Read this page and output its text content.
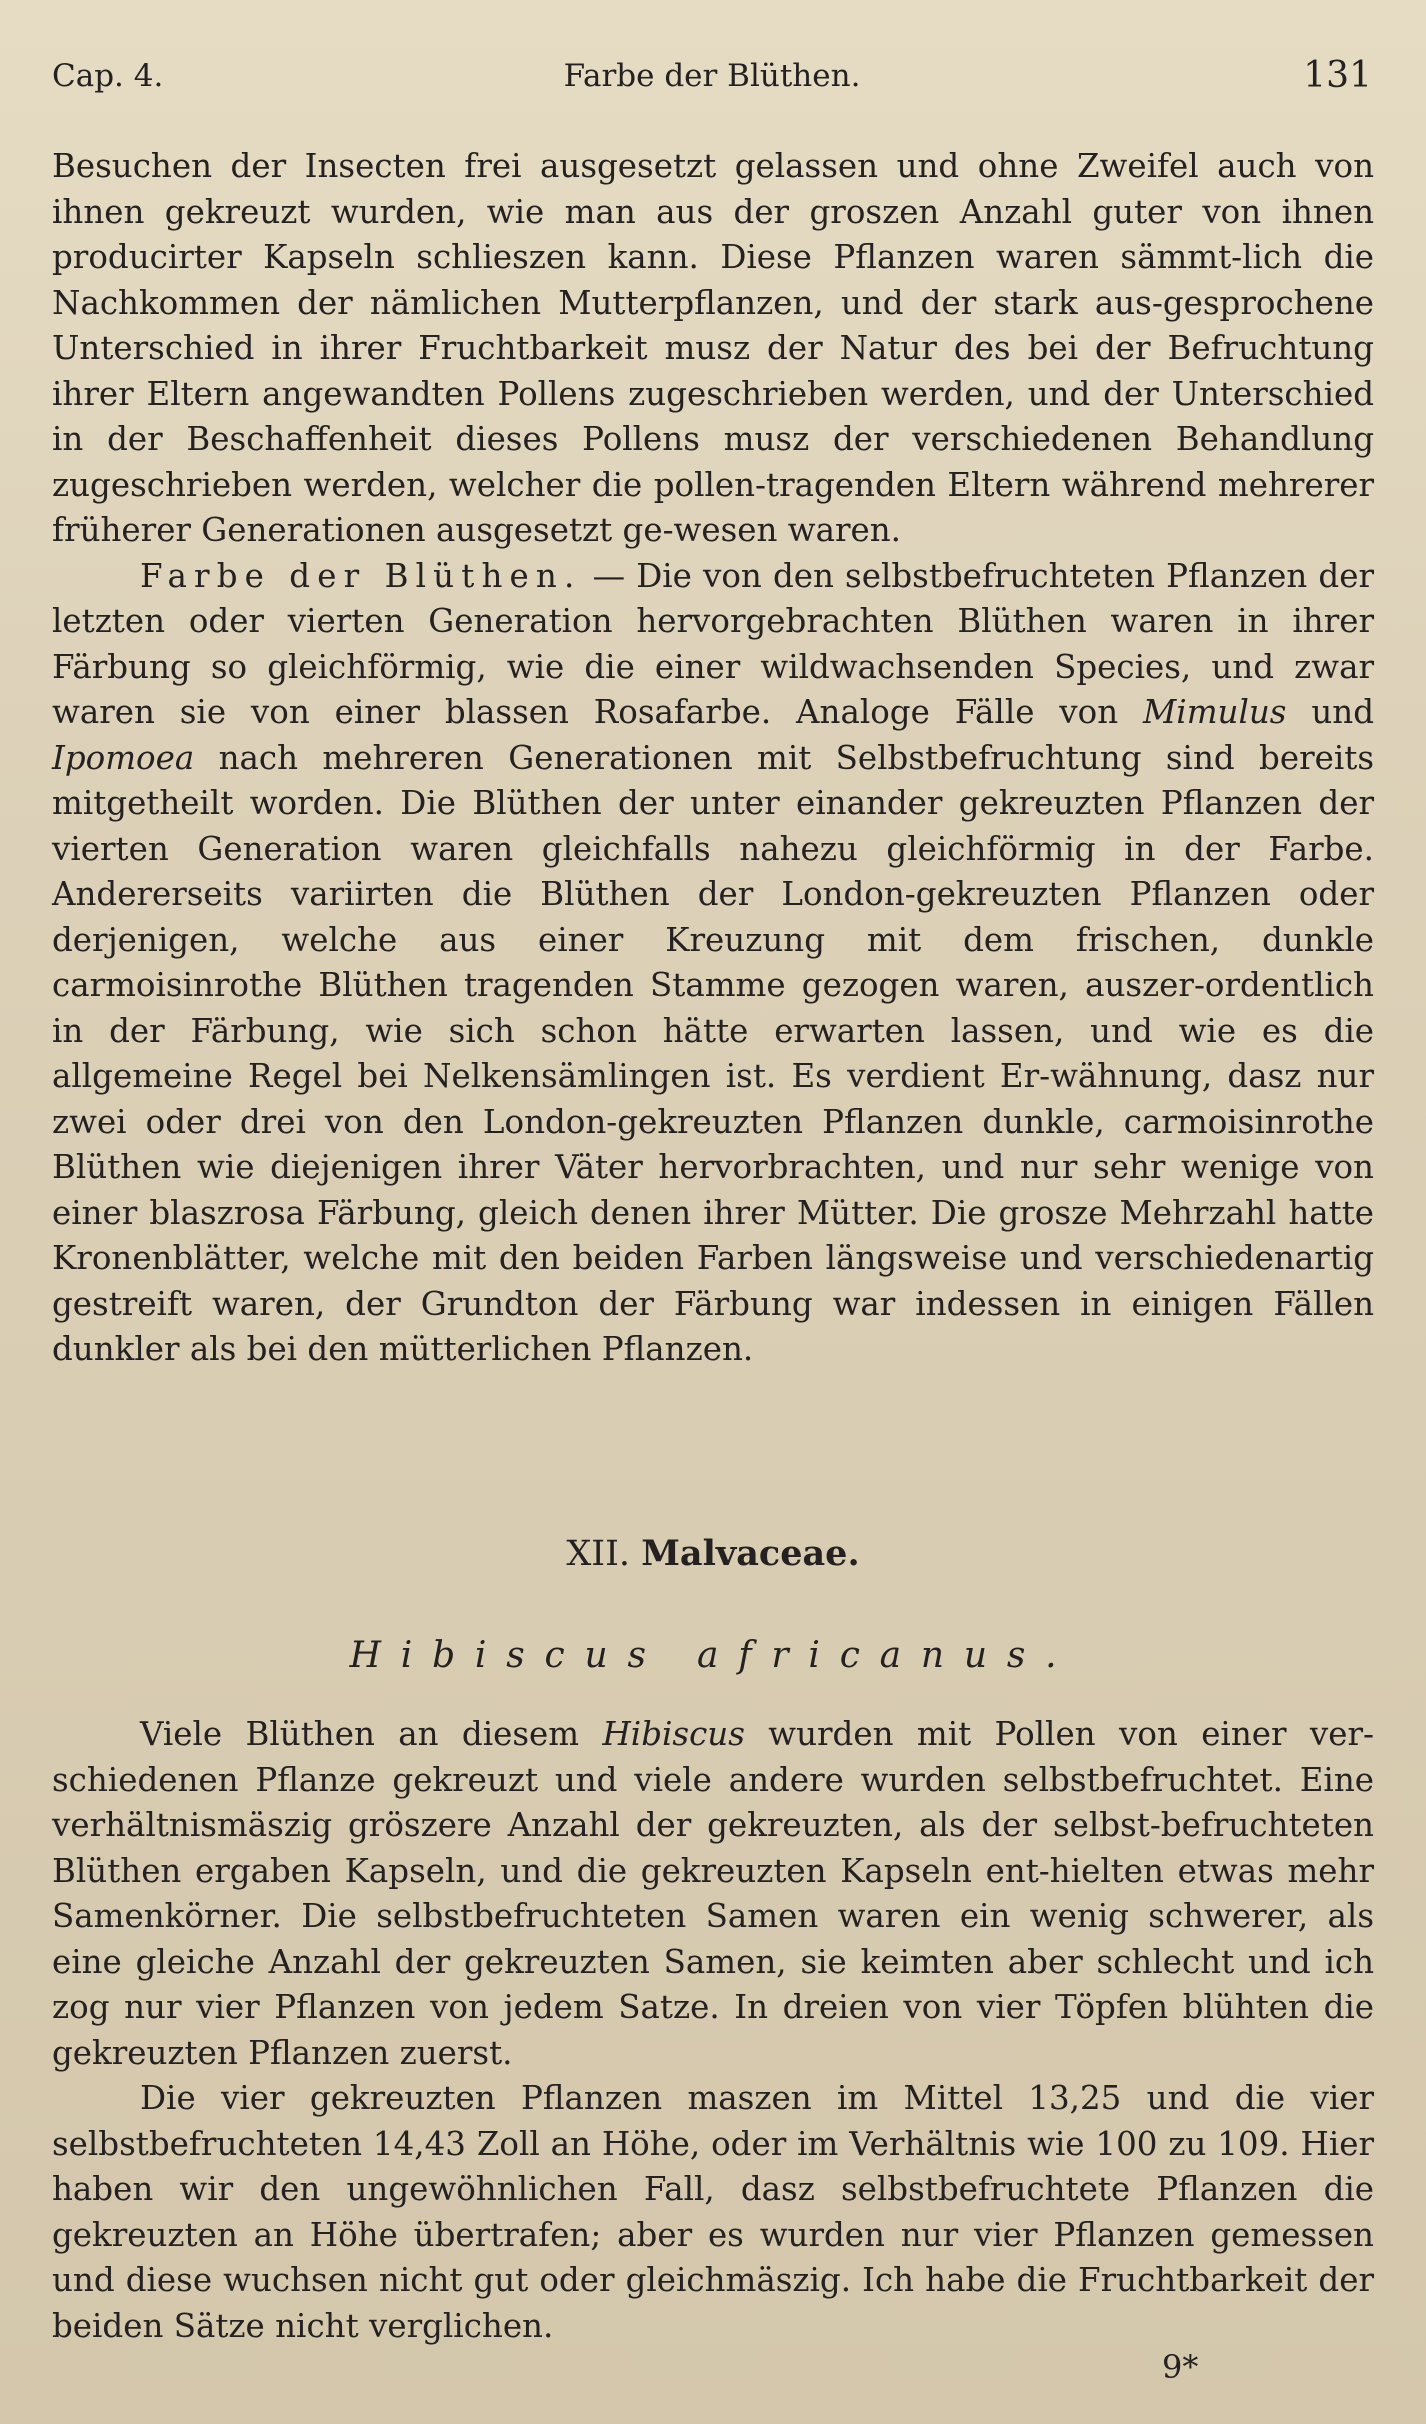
Cap. 4.	Farbe der Blüthen.	131

Besuchen der Insecten frei ausgesetzt gelassen und ohne Zweifel auch von ihnen gekreuzt wurden, wie man aus der groszen Anzahl guter von ihnen producirter Kapseln schlieszen kann. Diese Pflanzen waren sämmt-lich die Nachkommen der nämlichen Mutterpflanzen, und der stark aus-gesprochene Unterschied in ihrer Fruchtbarkeit musz der Natur des bei der Befruchtung ihrer Eltern angewandten Pollens zugeschrieben werden, und der Unterschied in der Beschaffenheit dieses Pollens musz der verschiedenen Behandlung zugeschrieben werden, welcher die pollen-tragenden Eltern während mehrerer früherer Generationen ausgesetzt ge-wesen waren.

Farbe der Blüthen. — Die von den selbstbefruchteten Pflanzen der letzten oder vierten Generation hervorgebrachten Blüthen waren in ihrer Färbung so gleichförmig, wie die einer wildwachsenden Species, und zwar waren sie von einer blassen Rosafarbe. Analoge Fälle von Mimulus und Ipomoea nach mehreren Generationen mit Selbstbefruchtung sind bereits mitgetheilt worden. Die Blüthen der unter einander gekreuzten Pflanzen der vierten Generation waren gleichfalls nahezu gleichförmig in der Farbe. Andererseits variirten die Blüthen der London-gekreuzten Pflanzen oder derjenigen, welche aus einer Kreuzung mit dem frischen, dunkle carmoisinrothe Blüthen tragenden Stamme gezogen waren, auszer-ordentlich in der Färbung, wie sich schon hätte erwarten lassen, und wie es die allgemeine Regel bei Nelkensämlingen ist. Es verdient Er-wähnung, dasz nur zwei oder drei von den London-gekreuzten Pflanzen dunkle, carmoisinrothe Blüthen wie diejenigen ihrer Väter hervorbrachten, und nur sehr wenige von einer blaszrosa Färbung, gleich denen ihrer Mütter. Die grosze Mehrzahl hatte Kronenblätter, welche mit den beiden Farben längsweise und verschiedenartig gestreift waren, der Grundton der Färbung war indessen in einigen Fällen dunkler als bei den mütterlichen Pflanzen.

XII. Malvaceae.
Hibiscus africanus.

Viele Blüthen an diesem Hibiscus wurden mit Pollen von einer ver-schiedenen Pflanze gekreuzt und viele andere wurden selbstbefruchtet. Eine verhältnismäszig gröszere Anzahl der gekreuzten, als der selbst-befruchteten Blüthen ergaben Kapseln, und die gekreuzten Kapseln ent-hielten etwas mehr Samenkörner. Die selbstbefruchteten Samen waren ein wenig schwerer, als eine gleiche Anzahl der gekreuzten Samen, sie keimten aber schlecht und ich zog nur vier Pflanzen von jedem Satze. In dreien von vier Töpfen blühten die gekreuzten Pflanzen zuerst.

Die vier gekreuzten Pflanzen maszen im Mittel 13,25 und die vier selbstbefruchteten 14,43 Zoll an Höhe, oder im Verhältnis wie 100 zu 109. Hier haben wir den ungewöhnlichen Fall, dasz selbstbefruchtete Pflanzen die gekreuzten an Höhe übertrafen; aber es wurden nur vier Pflanzen gemessen und diese wuchsen nicht gut oder gleichmäszig. Ich habe die Fruchtbarkeit der beiden Sätze nicht verglichen.

9*
